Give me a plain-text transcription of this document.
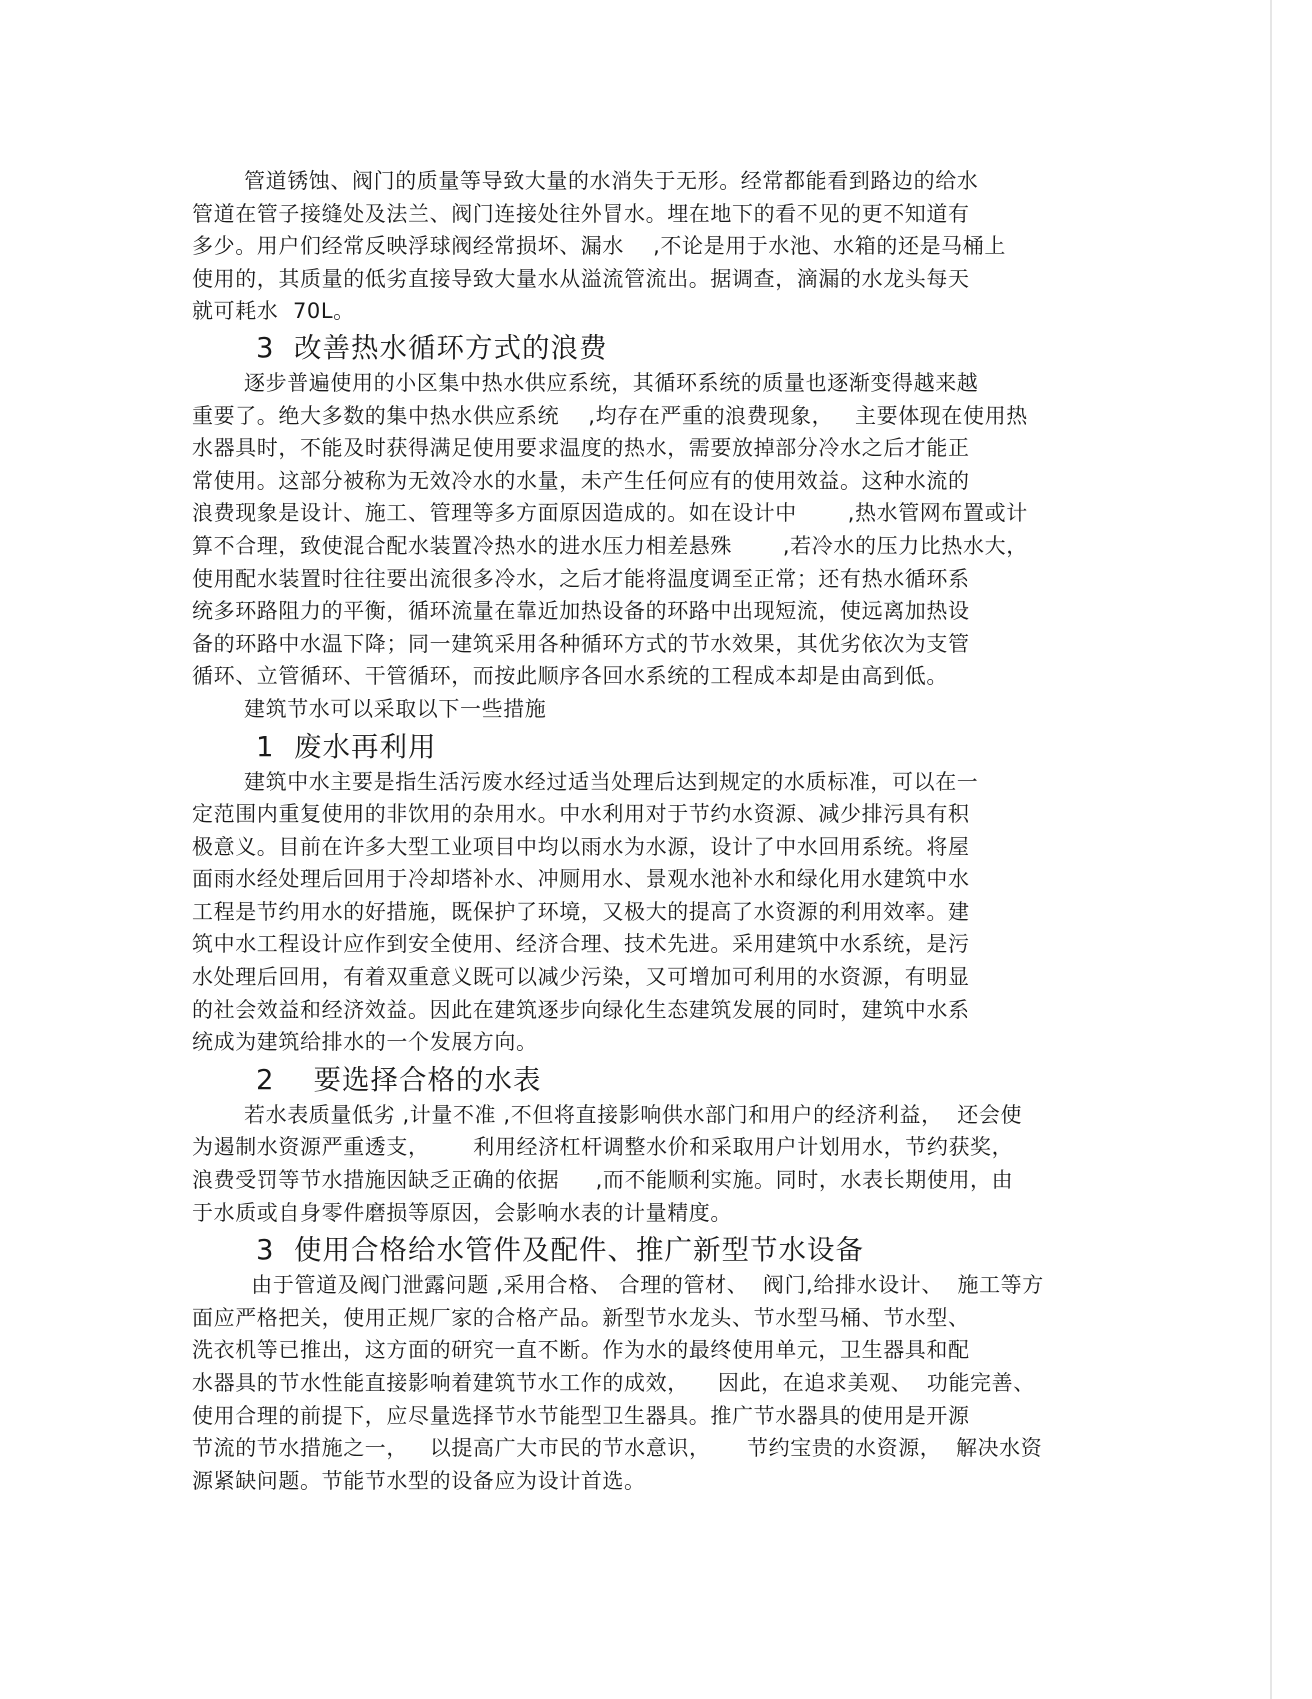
管道锈蚀、阀门的质量等导致大量的水消失于无形。经常都能看到路边的给水
管道在管子接缝处及法兰、阀门连接处往外冒水。埋在地下的看不见的更不知道有
多少。用户们经常反映浮球阀经常损坏、漏水    ,不论是用于水池、水箱的还是马桶上
使用的，其质量的低劣直接导致大量水从溢流管流出。据调查，滴漏的水龙头每天
就可耗水  70L。
3  改善热水循环方式的浪费
逐步普遍使用的小区集中热水供应系统，其循环系统的质量也逐渐变得越来越
重要了。绝大多数的集中热水供应系统    ,均存在严重的浪费现象，   主要体现在使用热
水器具时，不能及时获得满足使用要求温度的热水，需要放掉部分冷水之后才能正
常使用。这部分被称为无效冷水的水量，未产生任何应有的使用效益。这种水流的
浪费现象是设计、施工、管理等多方面原因造成的。如在设计中       ,热水管网布置或计
算不合理，致使混合配水装置冷热水的进水压力相差悬殊       ,若冷水的压力比热水大，
使用配水装置时往往要出流很多冷水，之后才能将温度调至正常；还有热水循环系
统多环路阻力的平衡，循环流量在靠近加热设备的环路中出现短流，使远离加热设
备的环路中水温下降；同一建筑采用各种循环方式的节水效果，其优劣依次为支管
循环、立管循环、干管循环，而按此顺序各回水系统的工程成本却是由高到低。
建筑节水可以采取以下一些措施
1  废水再利用
建筑中水主要是指生活污废水经过适当处理后达到规定的水质标准，可以在一
定范围内重复使用的非饮用的杂用水。中水利用对于节约水资源、减少排污具有积
极意义。目前在许多大型工业项目中均以雨水为水源，设计了中水回用系统。将屋
面雨水经处理后回用于冷却塔补水、冲厕用水、景观水池补水和绿化用水建筑中水
工程是节约用水的好措施，既保护了环境，又极大的提高了水资源的利用效率。建
筑中水工程设计应作到安全使用、经济合理、技术先进。采用建筑中水系统，是污
水处理后回用，有着双重意义既可以减少污染，又可增加可利用的水资源，有明显
的社会效益和经济效益。因此在建筑逐步向绿化生态建筑发展的同时，建筑中水系
统成为建筑给排水的一个发展方向。
2    要选择合格的水表
若水表质量低劣 ,计量不准 ,不但将直接影响供水部门和用户的经济利益，  还会使
为遏制水资源严重透支，      利用经济杠杆调整水价和采取用户计划用水，节约获奖，
浪费受罚等节水措施因缺乏正确的依据     ,而不能顺利实施。同时，水表长期使用，由
于水质或自身零件磨损等原因，会影响水表的计量精度。
3  使用合格给水管件及配件、推广新型节水设备
由于管道及阀门泄露问题 ,采用合格、 合理的管材、  阀门,给排水设计、  施工等方
面应严格把关，使用正规厂家的合格产品。新型节水龙头、节水型马桶、节水型、
洗衣机等已推出，这方面的研究一直不断。作为水的最终使用单元，卫生器具和配
水器具的节水性能直接影响着建筑节水工作的成效，    因此，在追求美观、  功能完善、
使用合理的前提下，应尽量选择节水节能型卫生器具。推广节水器具的使用是开源
节流的节水措施之一，   以提高广大市民的节水意识，     节约宝贵的水资源，  解决水资
源紧缺问题。节能节水型的设备应为设计首选。
